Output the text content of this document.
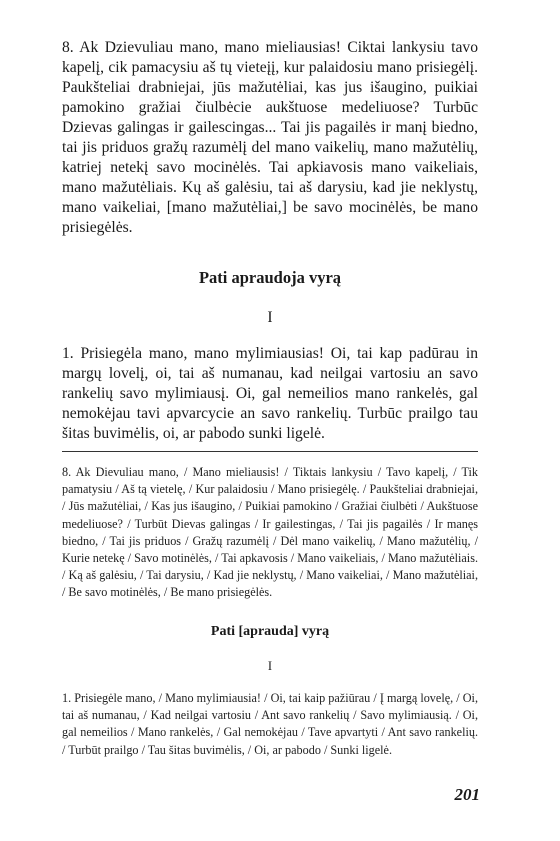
8. Ak Dzievuliau mano, mano mieliausias! Ciktai lankysiu tavo kapelį, cik pamacysiu aš tų vieteįį, kur palaidosiu mano prisiegėlį. Paukšteliai drabniejai, jūs mažutėliai, kas jus išaugino, puikiai pamokino gražiai čiulbėcie aukštuose medeliuose? Turbūc Dzievas galingas ir gailescingas... Tai jis pagailės ir manį biedno, tai jis priduos gražų razumėlį del mano vaikelių, mano mažutėlių, katriej netekį savo mocinėlės. Tai apkiavosis mano vaikeliais, mano mažutėliais. Kų aš galėsiu, tai aš darysiu, kad jie neklystų, mano vaikeliai, [mano mažutėliai,] be savo mocinėlės, be mano prisiegėlės.

Pati apraudoja vyrą
I

1. Prisiegėla mano, mano mylimiausias! Oi, tai kap padūrau in margų lovelį, oi, tai aš numanau, kad neilgai vartosiu an savo rankelių savo mylimiausį. Oi, gal nemeilios mano rankelės, gal nemokėjau tavi apvarcycie an savo rankelių. Turbūc prailgo tau šitas buvimėlis, oi, ar pabodo sunki ligelė.

8. Ak Dievuliau mano, / Mano mieliausis! / Tiktais lankysiu / Tavo kapelį, / Tik pamatysiu / Aš tą vietelę, / Kur palaidosiu / Mano prisiegėlę. / Paukšteliai drabniejai, / Jūs mažutėliai, / Kas jus išaugino, / Puikiai pamokino / Gražiai čiulbėti / Aukštuose medeliuose? / Turbūt Dievas galingas / Ir gailestingas, / Tai jis pagailės / Ir manęs biedno, / Tai jis priduos / Gražų razumėlį / Dėl mano vaikelių, / Mano mažutėlių, / Kurie netekę / Savo motinėlės, / Tai apkavosis / Mano vaikeliais, / Mano mažutėliais. / Ką aš galėsiu, / Tai darysiu, / Kad jie neklystų, / Mano vaikeliai, / Mano mažutėliai, / Be savo motinėlės, / Be mano prisiegėlės.
Pati [apraudа] vyrą
I
1. Prisiegėle mano, / Mano mylimiausia! / Oi, tai kaip pažiūrau / Į margą lovelę, / Oi, tai aš numanau, / Kad neilgai vartosiu / Ant savo rankelių / Savo mylimiausią. / Oi, gal nemeilios / Mano rankelės, / Gal nemokėjau / Tave apvartyti / Ant savo rankelių. / Turbūt prailgo / Tau šitas buvimėlis, / Oi, ar pabodo / Sunki ligelė.
201
